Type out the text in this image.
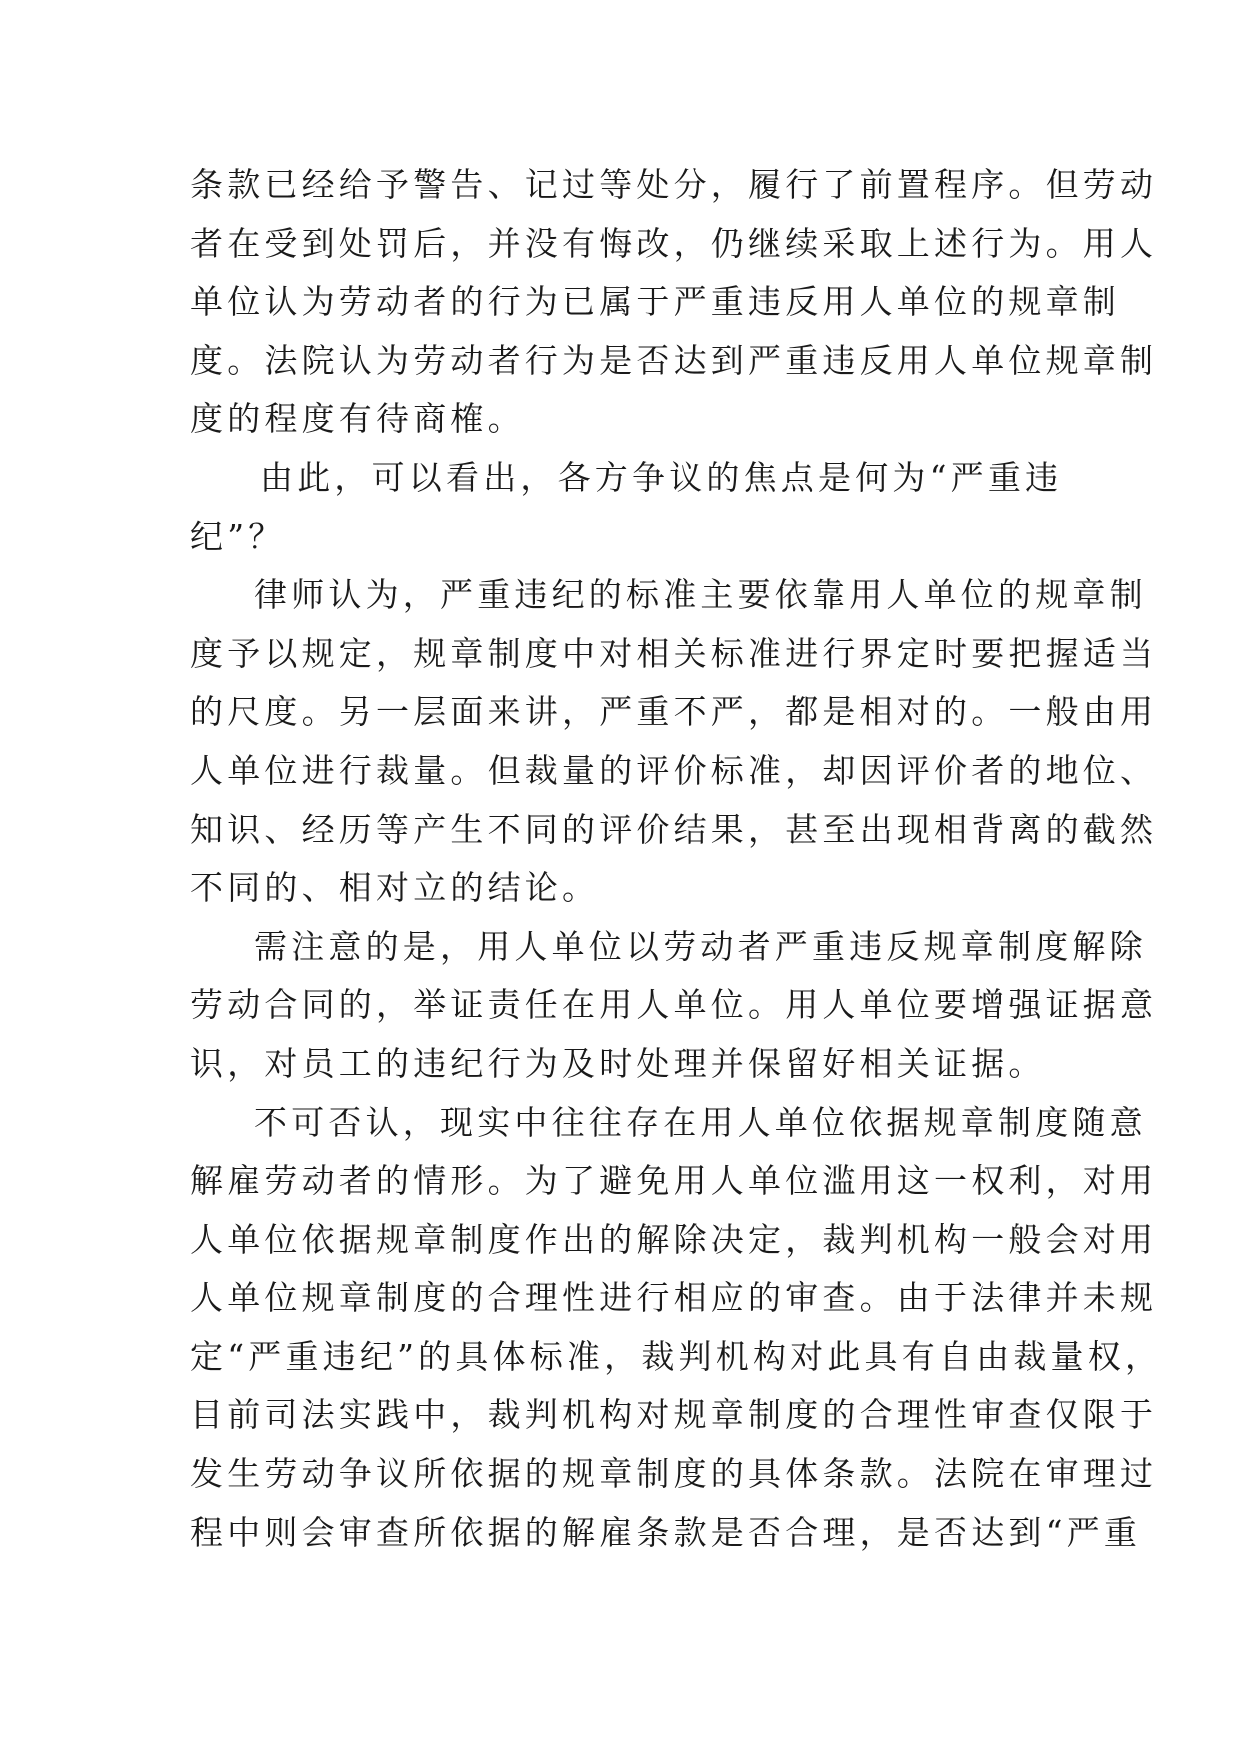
条款已经给予警告、记过等处分，履行了前置程序。但劳动
者在受到处罚后，并没有悔改，仍继续采取上述行为。用人
单位认为劳动者的行为已属于严重违反用人单位的规章制
度。法院认为劳动者行为是否达到严重违反用人单位规章制
度的程度有待商榷。
由此，可以看出，各方争议的焦点是何为“严重违
纪”？
律师认为，严重违纪的标准主要依靠用人单位的规章制
度予以规定，规章制度中对相关标准进行界定时要把握适当
的尺度。另一层面来讲，严重不严，都是相对的。一般由用
人单位进行裁量。但裁量的评价标准，却因评价者的地位、
知识、经历等产生不同的评价结果，甚至出现相背离的截然
不同的、相对立的结论。
需注意的是，用人单位以劳动者严重违反规章制度解除
劳动合同的，举证责任在用人单位。用人单位要增强证据意
识，对员工的违纪行为及时处理并保留好相关证据。
不可否认，现实中往往存在用人单位依据规章制度随意
解雇劳动者的情形。为了避免用人单位滥用这一权利，对用
人单位依据规章制度作出的解除决定，裁判机构一般会对用
人单位规章制度的合理性进行相应的审查。由于法律并未规
定“严重违纪”的具体标准，裁判机构对此具有自由裁量权，
目前司法实践中，裁判机构对规章制度的合理性审查仅限于
发生劳动争议所依据的规章制度的具体条款。法院在审理过
程中则会审查所依据的解雇条款是否合理，是否达到“严重
